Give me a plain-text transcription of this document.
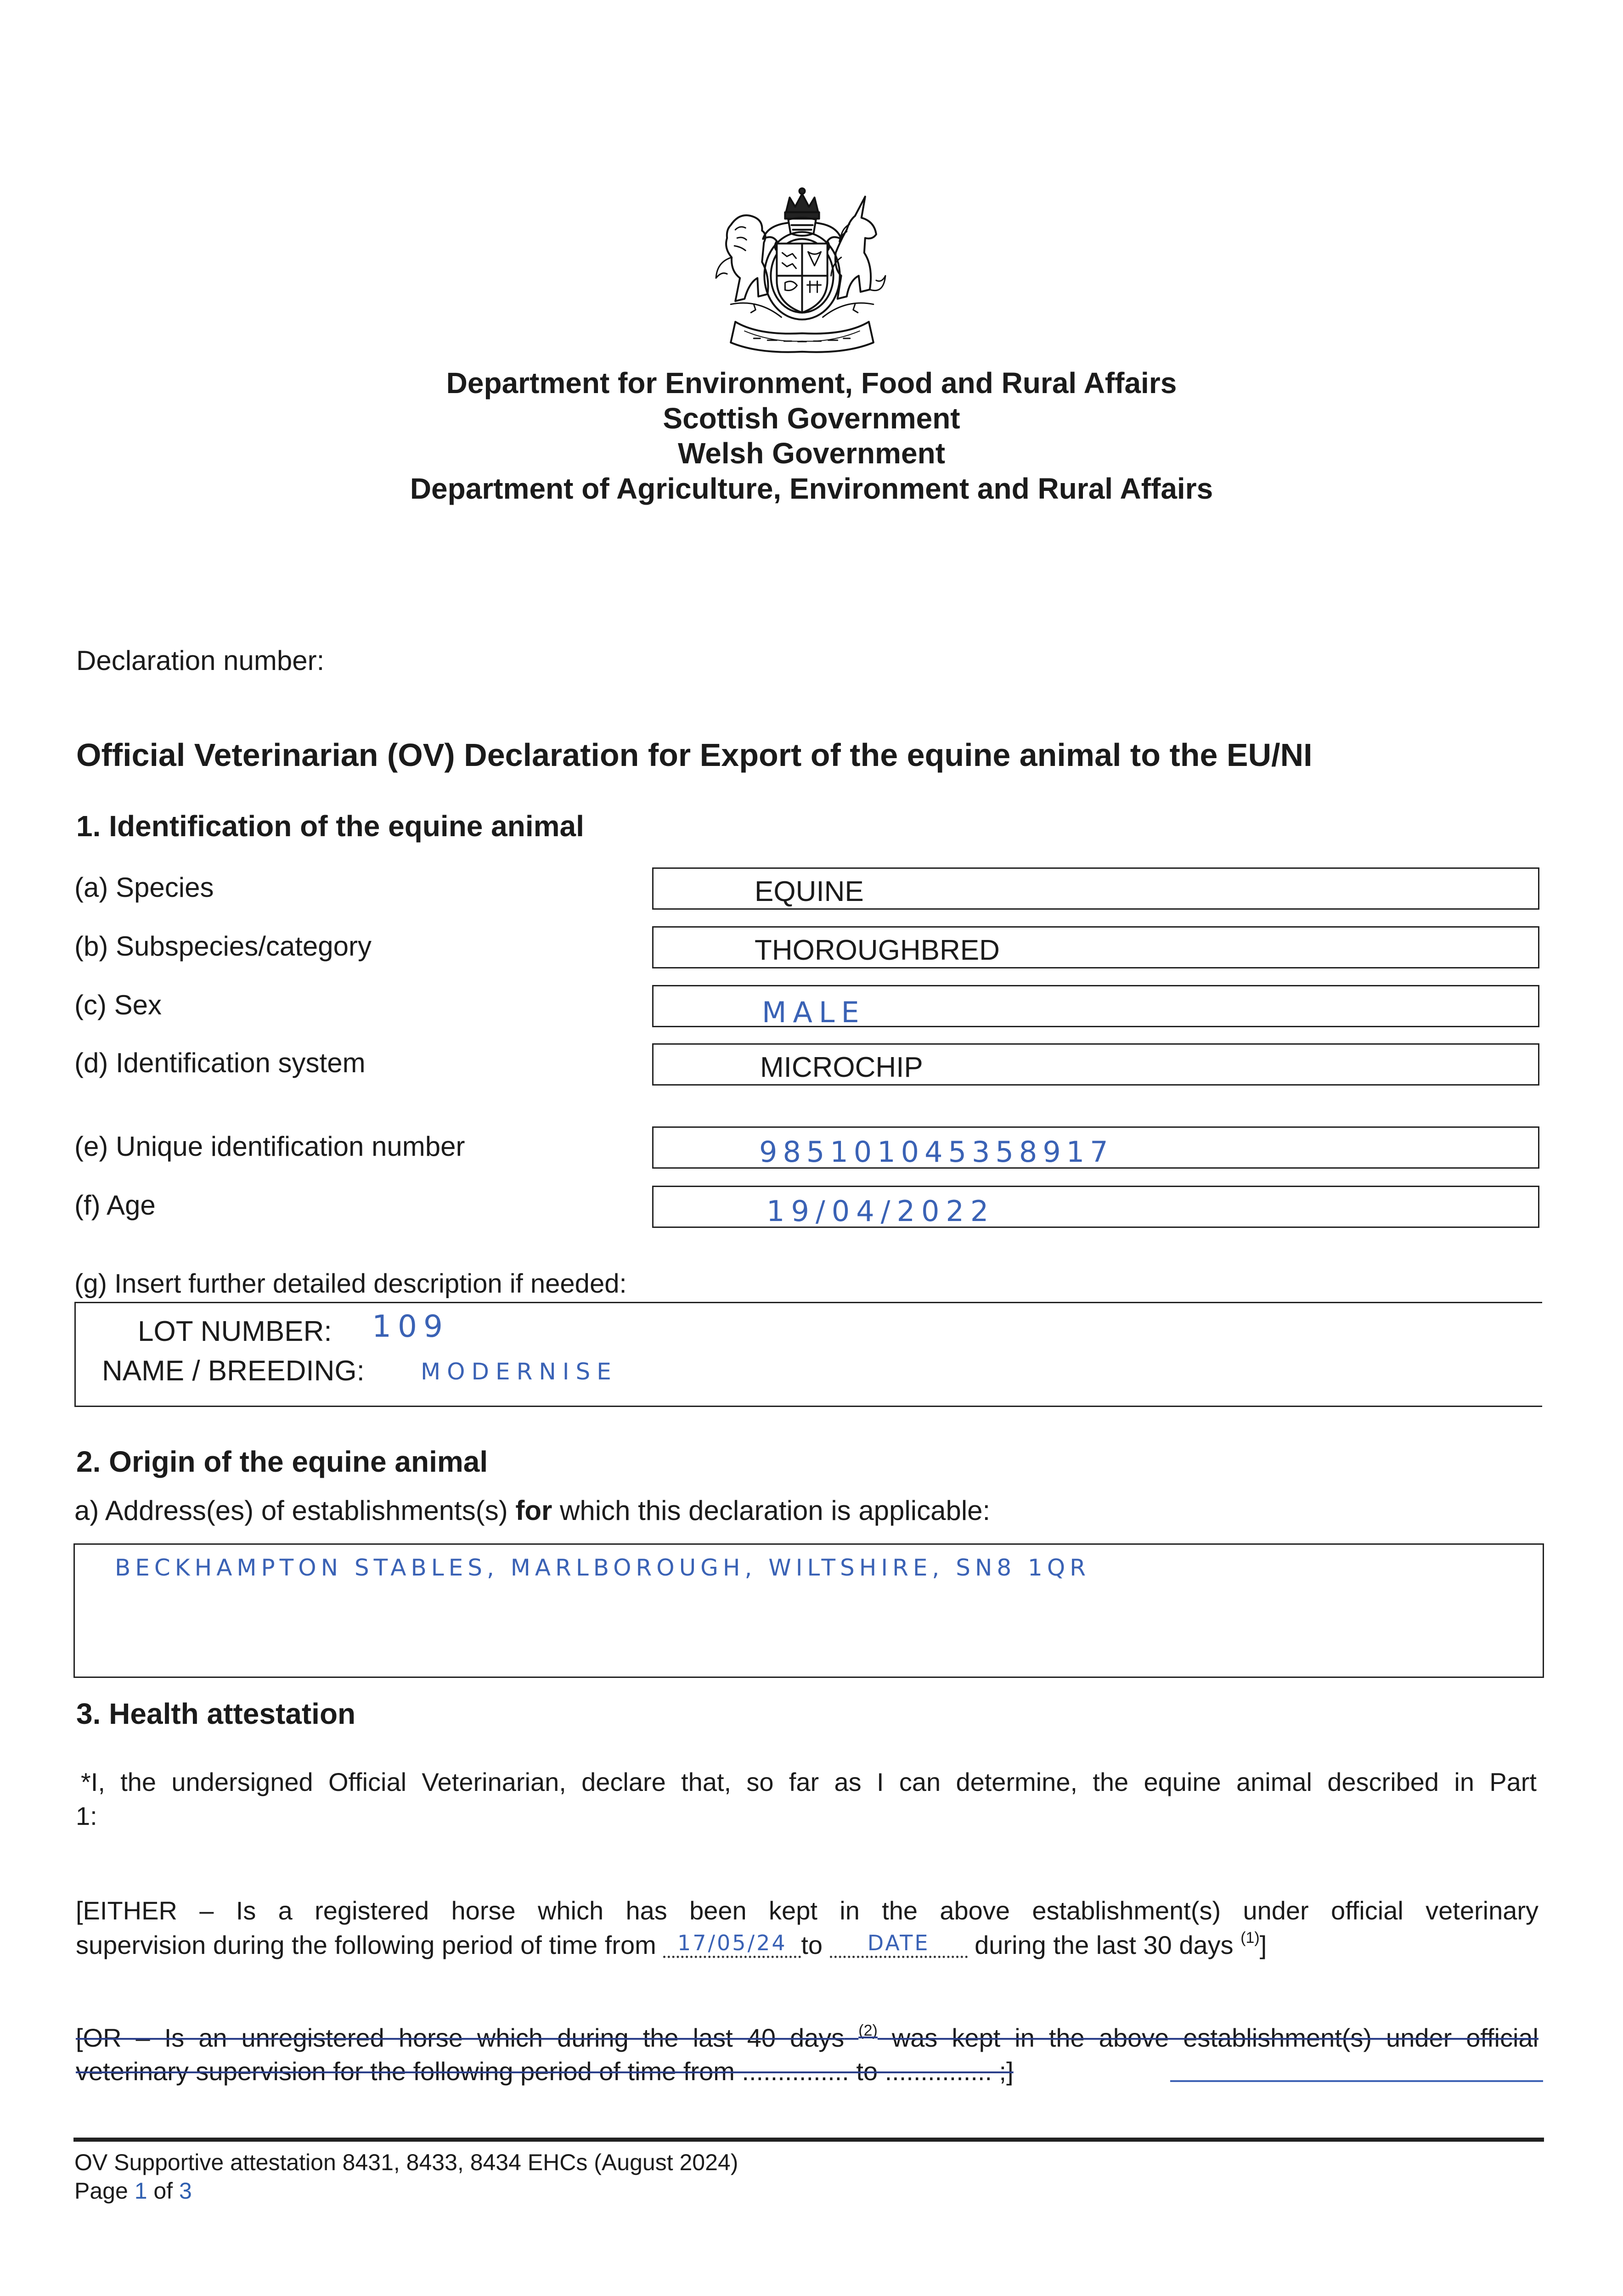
Department for Environment, Food and Rural Affairs
Scottish Government
Welsh Government
Department of Agriculture, Environment and Rural Affairs
Declaration number:
Official Veterinarian (OV) Declaration for Export of the equine animal to the EU/NI
1. Identification of the equine animal
(a) Species	EQUINE
(b) Subspecies/category	THOROUGHBRED
(c) Sex	MALE
(d) Identification system	MICROCHIP
(e) Unique identification number	985101045358917
(f) Age	19/04/2022
(g) Insert further detailed description if needed:
LOT NUMBER: 109
NAME / BREEDING: MODERNISE
2. Origin of the equine animal
a) Address(es) of establishments(s) for which this declaration is applicable:
BECKHAMPTON STABLES, MARLBOROUGH, WILTSHIRE, SN8 1QR
3. Health attestation
*I, the undersigned Official Veterinarian, declare that, so far as I can determine, the equine animal described in Part
1:
[EITHER – Is a registered horse which has been kept in the above establishment(s) under official veterinary
supervision during the following period of time from 17/05/24 to DATE during the last 30 days $^{(1)}$]
[OR – Is an unregistered horse which during the last 40 days $^{(2)}$ was kept in the above establishment(s) under official
veterinary supervision for the following period of time from ............... to ............... ;]
OV Supportive attestation 8431, 8433, 8434 EHCs (August 2024)
Page 1 of 3
